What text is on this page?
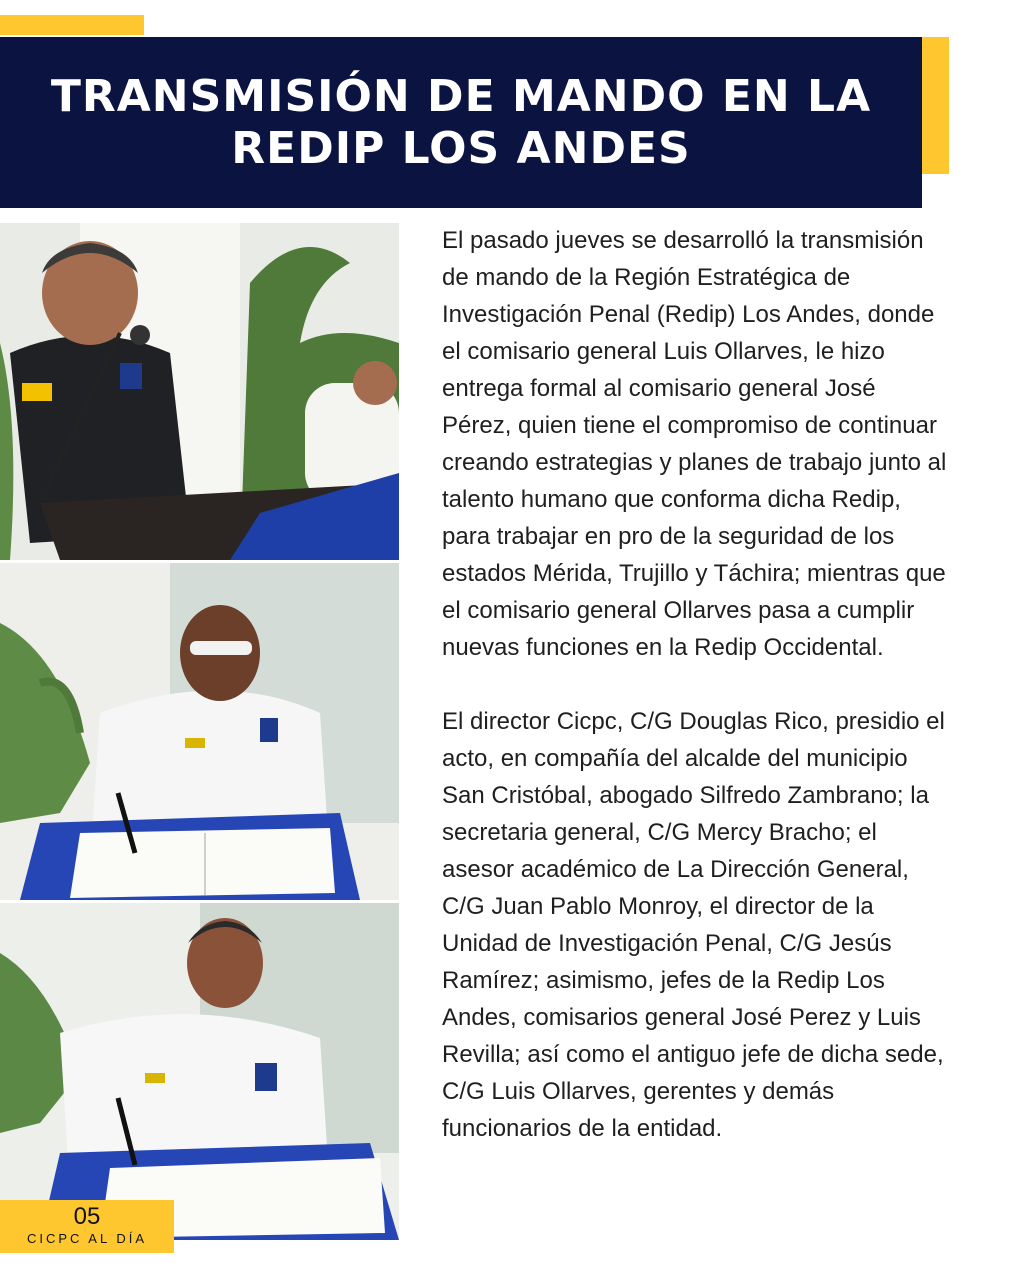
TRANSMISIÓN DE MANDO EN LA REDIP LOS ANDES

El pasado jueves se desarrolló la transmisión de mando de la Región Estratégica de Investigación Penal (Redip) Los Andes, donde el comisario general Luis Ollarves, le hizo entrega formal al comisario general José Pérez, quien tiene el compromiso de continuar creando estrategias y planes de trabajo junto al talento humano que conforma dicha Redip, para trabajar en pro de la seguridad de los estados Mérida, Trujillo y Táchira; mientras que el comisario general Ollarves pasa a cumplir nuevas funciones en la Redip Occidental.

El director Cicpc, C/G Douglas Rico, presidio el acto, en compañía del alcalde del municipio San Cristóbal, abogado Silfredo Zambrano; la secretaria general, C/G Mercy Bracho; el asesor académico de La Dirección General, C/G Juan Pablo Monroy, el director de la Unidad de Investigación Penal, C/G Jesús Ramírez; asimismo, jefes de la Redip Los Andes, comisarios general José Perez y Luis Revilla; así como el antiguo jefe de dicha sede, C/G Luis Ollarves, gerentes y demás funcionarios de la entidad.

05
CICPC AL DÍA
